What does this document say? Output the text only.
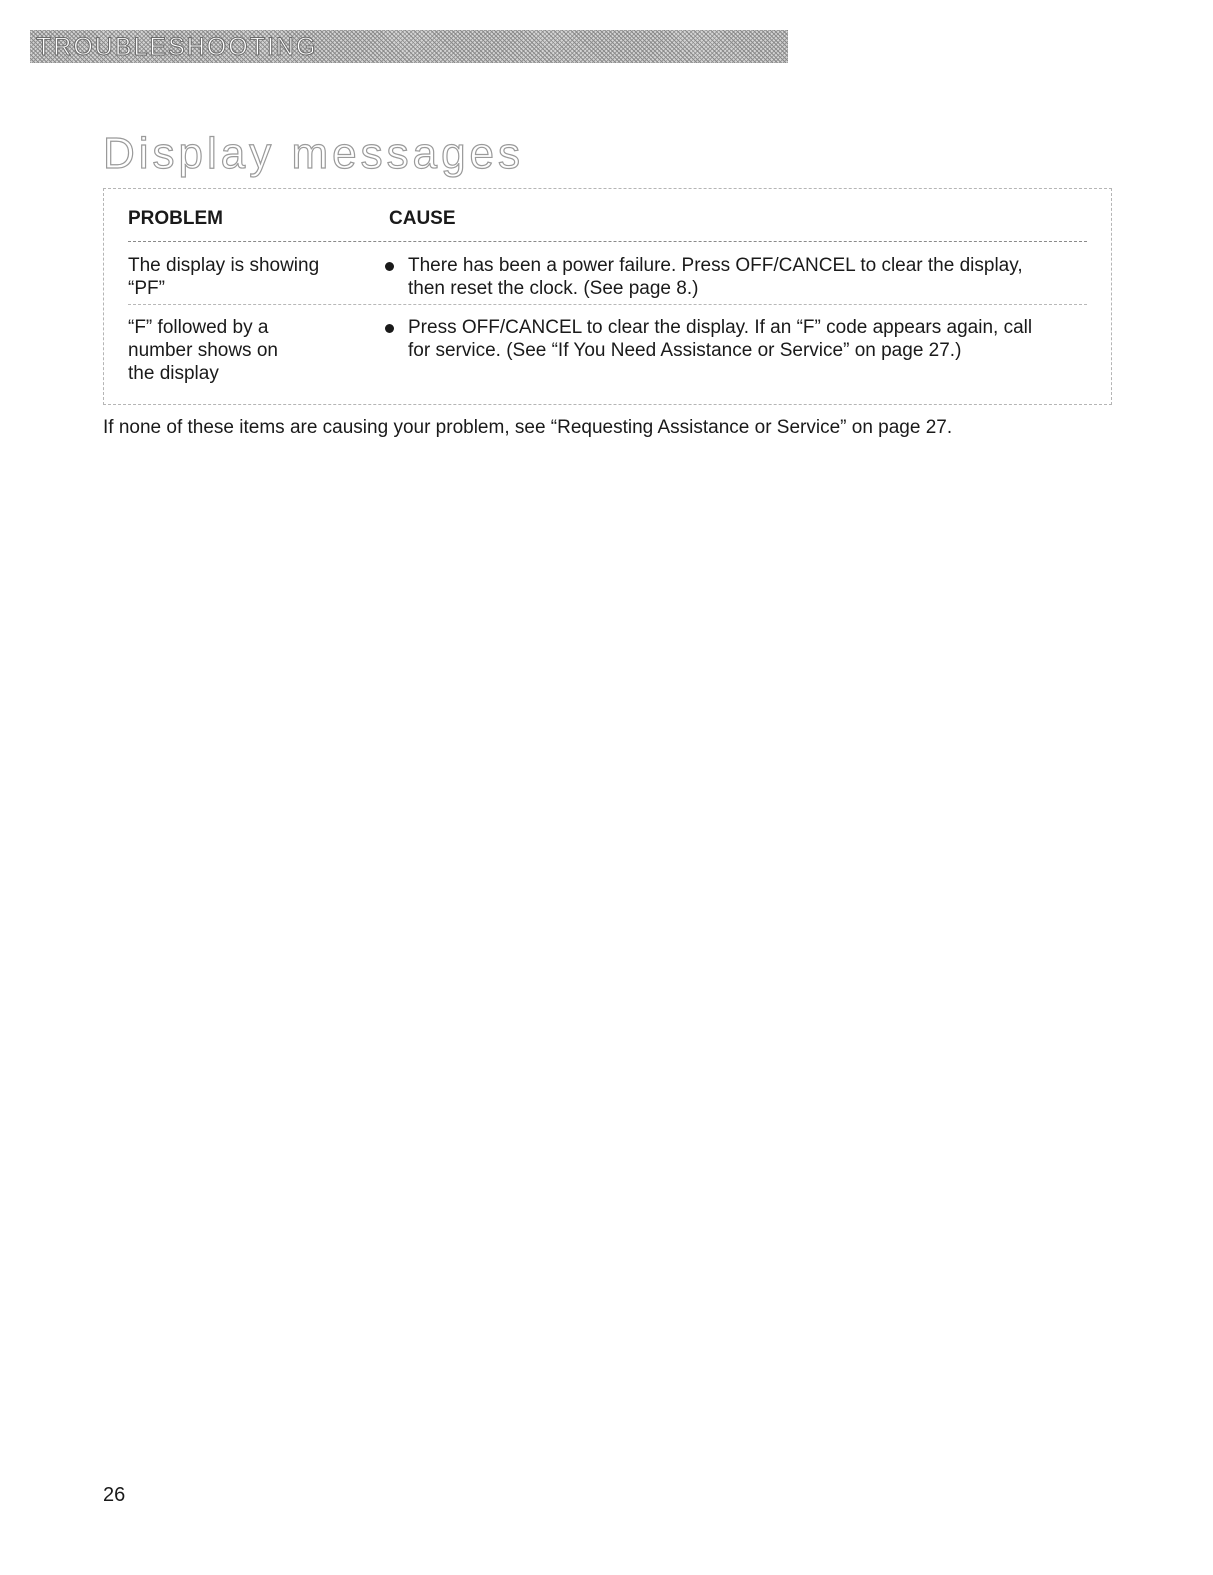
TROUBLESHOOTING
Display messages
PROBLEM	CAUSE
The display is showing
“PF”
There has been a power failure. Press OFF/CANCEL to clear the display,
then reset the clock. (See page 8.)
“F” followed by a
number shows on
the display
Press OFF/CANCEL to clear the display. If an “F” code appears again, call
for service. (See “If You Need Assistance or Service” on page 27.)
If none of these items are causing your problem, see “Requesting Assistance or Service” on page 27.
26
